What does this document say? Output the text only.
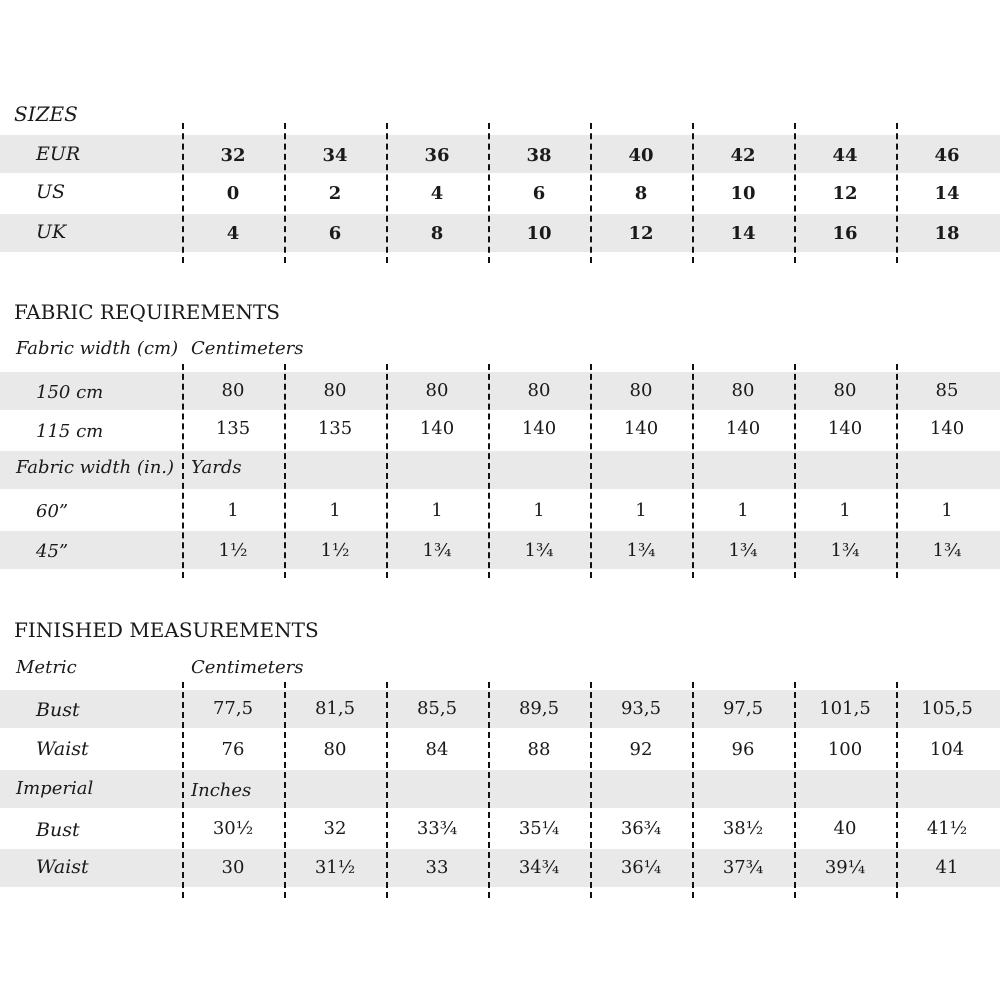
SIZES
EUR	32	34	36	38	40	42	44	46
US	0	2	4	6	8	10	12	14
UK	4	6	8	10	12	14	16	18
FABRIC REQUIREMENTS
Fabric width (cm) Centimeters
150 cm	80	80	80	80	80	80	80	85
115 cm	135	135	140	140	140	140	140	140
Fabric width (in.) Yards
60”	1	1	1	1	1	1	1	1
45”	1½	1½	1¾	1¾	1¾	1¾	1¾	1¾
FINISHED MEASUREMENTS
Metric	Centimeters
Bust	77,5	81,5	85,5	89,5	93,5	97,5	101,5	105,5
Waist	76	80	84	88	92	96	100	104
Imperial	Inches
Bust	30½	32	33¾	35¼	36¾	38½	40	41½
Waist	30	31½	33	34¾	36¼	37¾	39¼	41
